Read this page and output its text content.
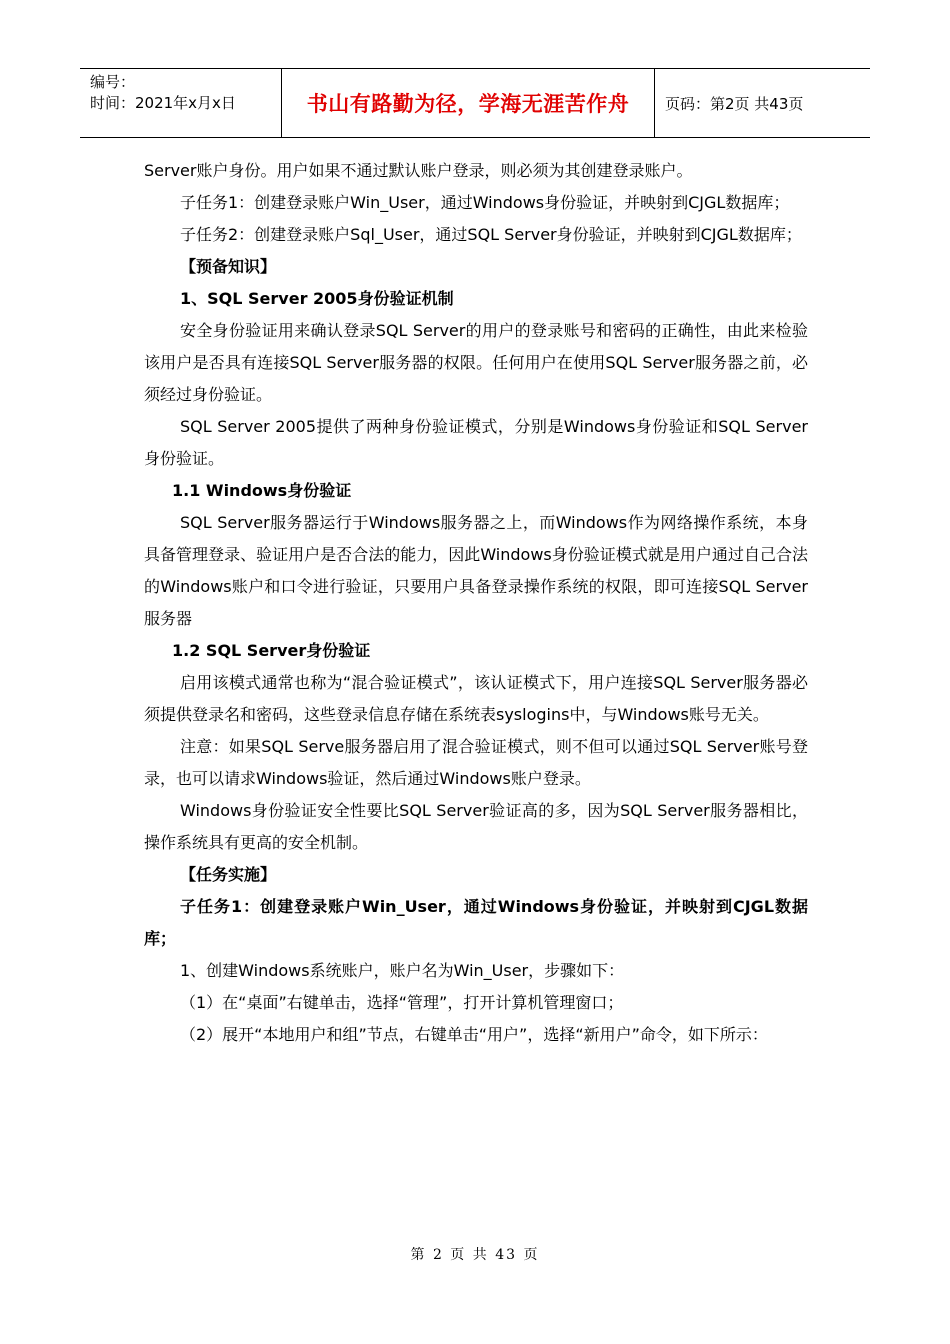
编号：
时间：2021年x月x日	书山有路勤为径，学海无涯苦作舟	页码：第2页 共43页

Server账户身份。用户如果不通过默认账户登录，则必须为其创建登录账户。

子任务1：创建登录账户Win_User，通过Windows身份验证，并映射到CJGL数据库；

子任务2：创建登录账户Sql_User，通过SQL Server身份验证，并映射到CJGL数据库；

【预备知识】

1、SQL Server 2005身份验证机制

安全身份验证用来确认登录SQL Server的用户的登录账号和密码的正确性，由此来检验该用户是否具有连接SQL Server服务器的权限。任何用户在使用SQL Server服务器之前，必须经过身份验证。

SQL Server 2005提供了两种身份验证模式，分别是Windows身份验证和SQL Server身份验证。

1.1 Windows身份验证

SQL Server服务器运行于Windows服务器之上，而Windows作为网络操作系统，本身具备管理登录、验证用户是否合法的能力，因此Windows身份验证模式就是用户通过自己合法的Windows账户和口令进行验证，只要用户具备登录操作系统的权限，即可连接SQL Server服务器

1.2 SQL Server身份验证

启用该模式通常也称为“混合验证模式”，该认证模式下，用户连接SQL Server服务器必须提供登录名和密码，这些登录信息存储在系统表syslogins中，与Windows账号无关。

注意：如果SQL Serve服务器启用了混合验证模式，则不但可以通过SQL Server账号登录，也可以请求Windows验证，然后通过Windows账户登录。

Windows身份验证安全性要比SQL Server验证高的多，因为SQL Server服务器相比，操作系统具有更高的安全机制。

【任务实施】

子任务1：创建登录账户Win_User，通过Windows身份验证，并映射到CJGL数据库；

1、创建Windows系统账户，账户名为Win_User，步骤如下：

（1）在“桌面”右键单击，选择“管理”，打开计算机管理窗口；

（2）展开“本地用户和组”节点，右键单击“用户”，选择“新用户”命令，如下所示：

第 2 页 共 43 页
